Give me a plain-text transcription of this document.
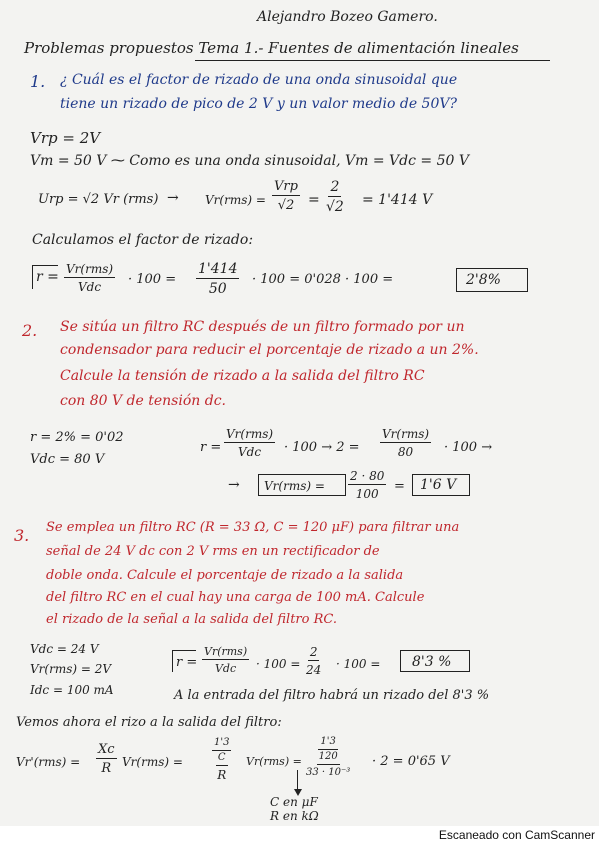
Alejandro Bozeo Gamero.
Problemas propuestos Tema 1.- Fuentes de alimentación lineales
1. ¿ Cuál es el factor de rizado de una onda sinusoidal que
tiene un rizado de pico de 2 V y un valor medio de 50V?
Vrp = 2V
Vm = 50 V ⁓ Como es una onda sinusoidal, Vm = Vdc = 50 V
Urp = √2 Vr (rms) → Vr(rms) =
Vrp
$√2 = \frac{2}{√2} = 1'414$ V
Calculamos el factor de rizado:
r = Vr(rms)
Vdc · $100 = \frac{1'414}{50} \cdot 100 = 0'028 \cdot 100$ =	2'8%
2. Se sitúa un filtro RC después de un filtro formado por un
condensador para reducir el porcentaje de rizado a un 2%.
Calcule la tensión de rizado a la salida del filtro RC
con 80 V de tensión dc.
r = 2% = 0'02
Vdc = 80 V
r =
Vr(rms)
Vdc · 100 → 2 =
Vr(rms)
80 · 100 →
→ $Vr(rms) = \frac{2 \cdot 80}{100} = 1'6$ V
3. Se emplea un filtro RC (R = 33 Ω, C = 120 μF) para filtrar una
señal de 24 V dc con 2 V rms en un rectificador de
doble onda. Calcule el porcentaje de rizado a la salida
del filtro RC en el cual hay una carga de 100 mA. Calcule
el rizado de la señal a la salida del filtro RC.
Vdc = 24 V
Vr(rms) = 2V
Idc = 100 mA
r =
Vr(rms)
Vdc · $100 = \frac{2}{24} \cdot 100 = 8'3$ %
A la entrada del filtro habrá un rizado del 8'3 %
Vemos ahora el rizo a la salida del filtro:
$Vr'(rms) = \frac{Xc}{R} Vr(rms)$ =
1'3
C
R
Vr(rms) =
1'3
120
33 · 10⁻³
· 2 = 0'65 V
C en μF
R en kΩ
Escaneado con CamScanner
